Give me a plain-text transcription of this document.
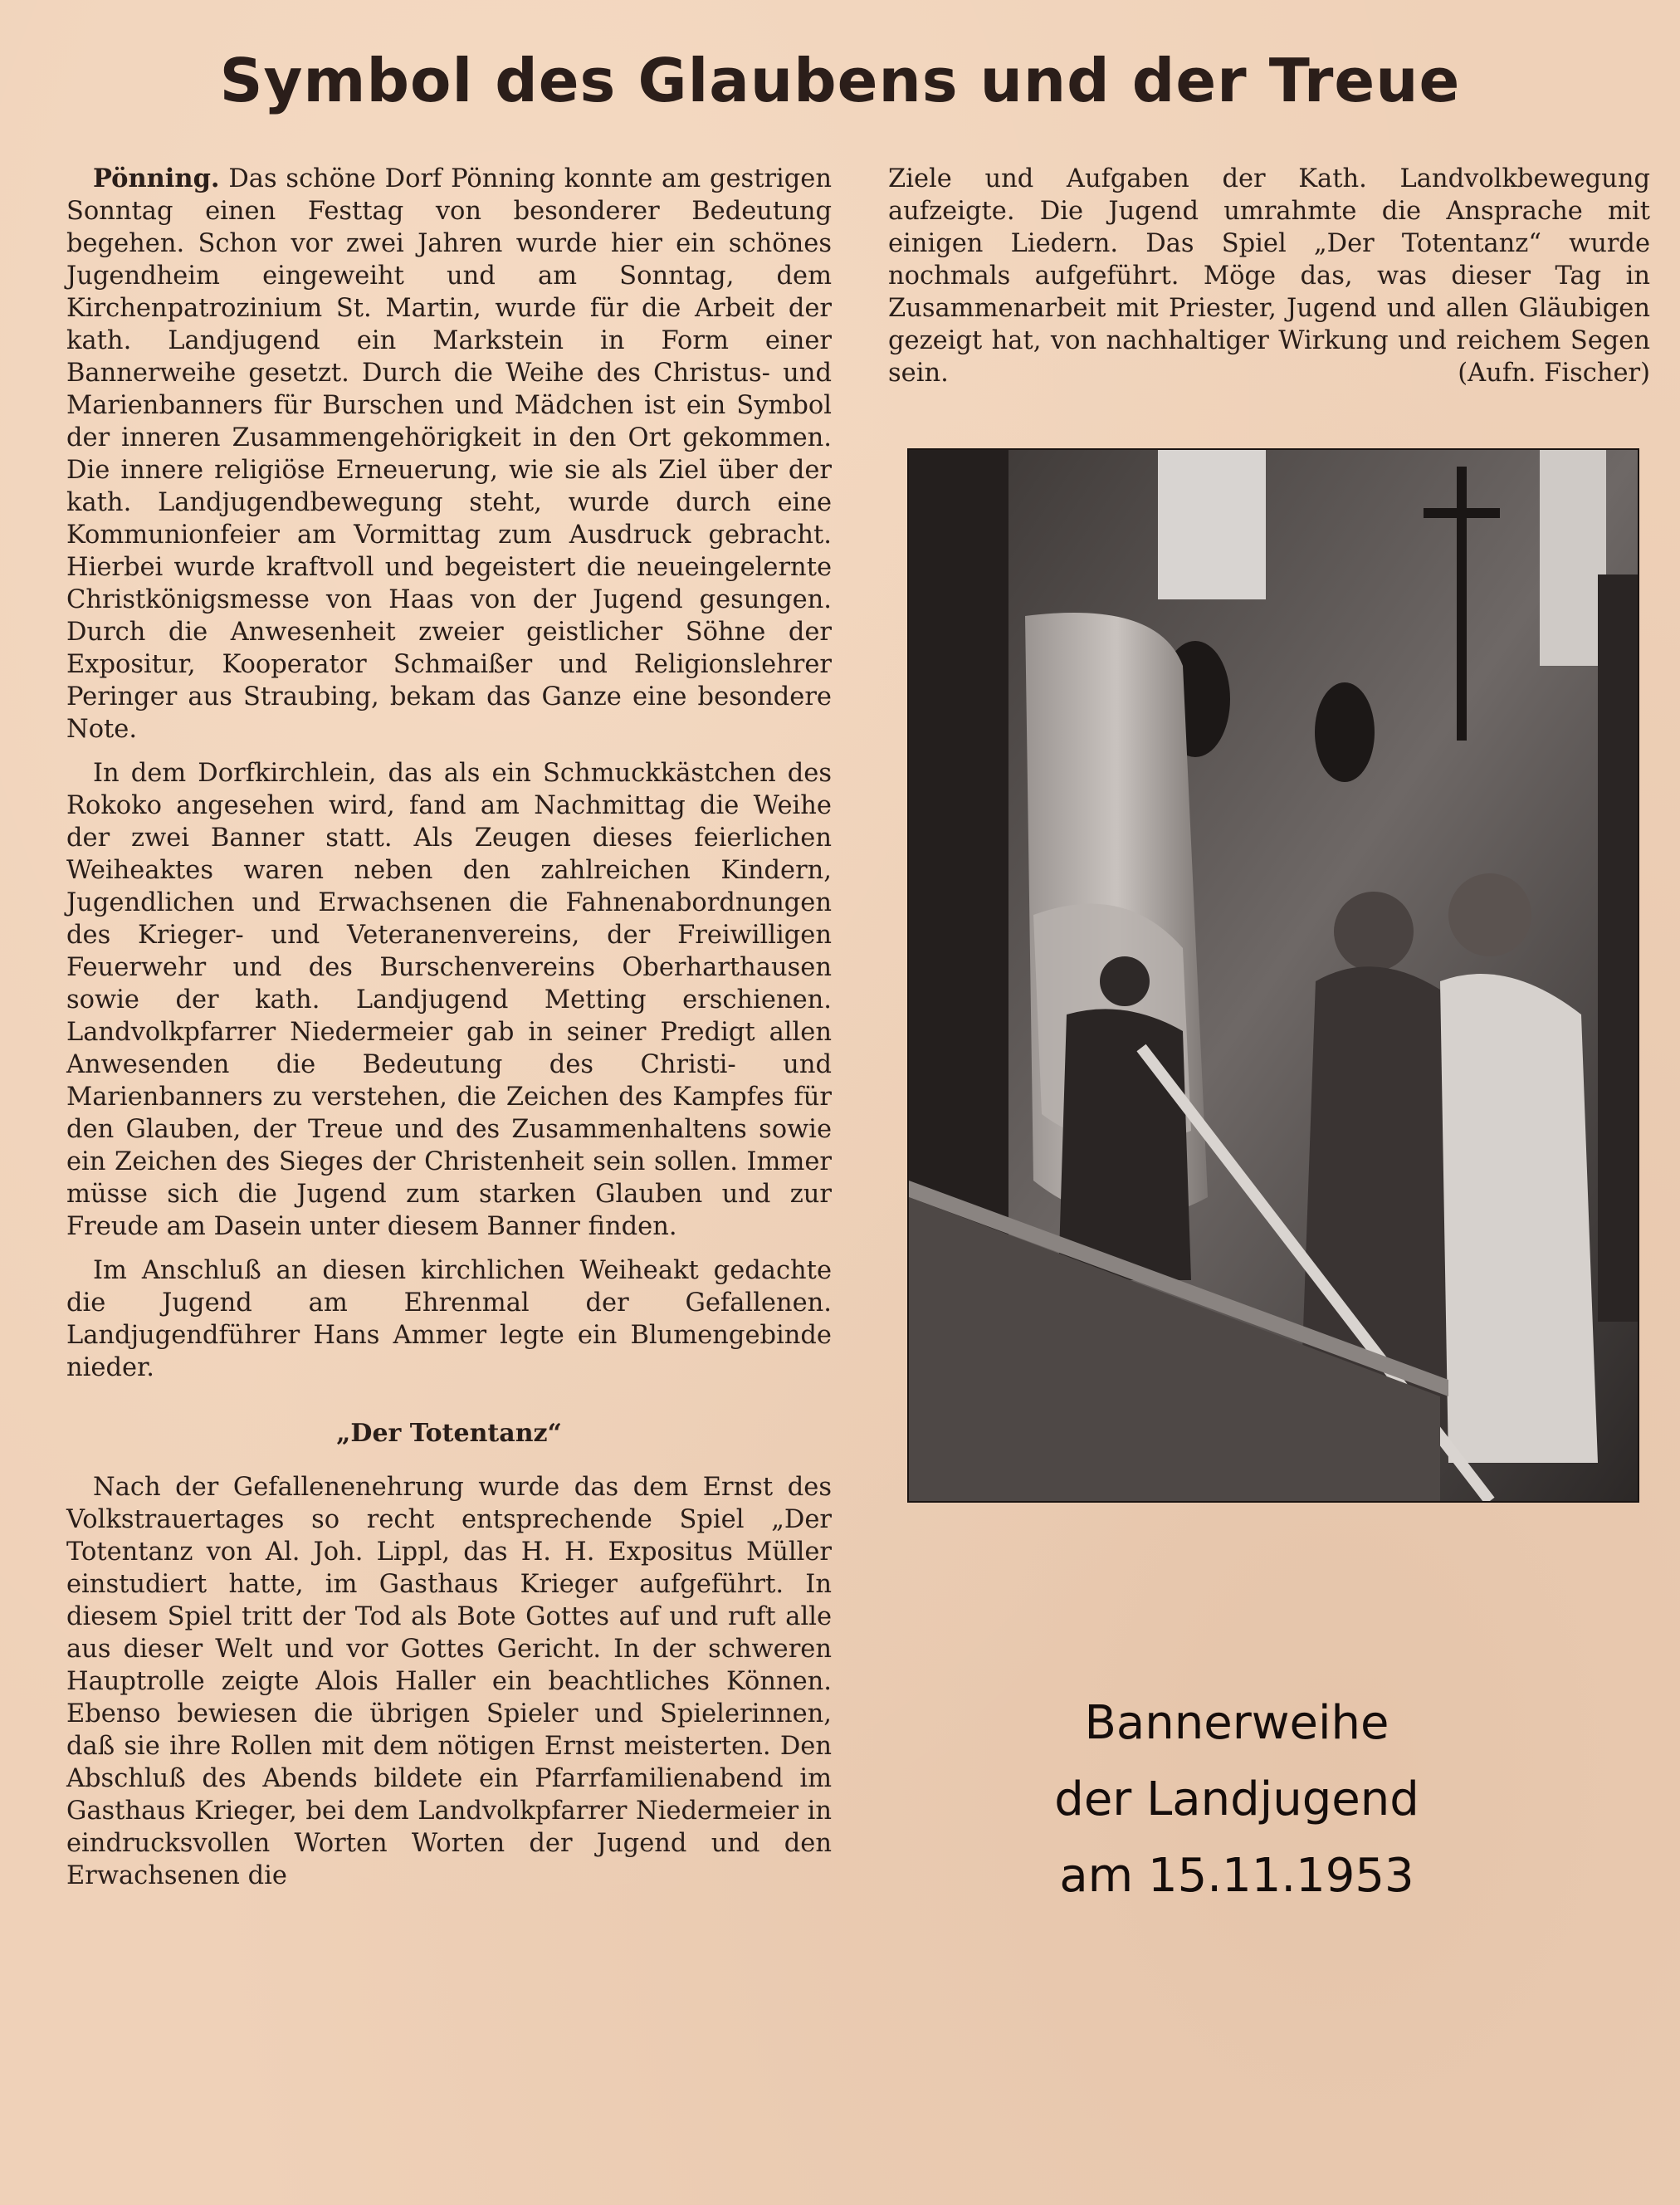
Symbol des Glaubens und der Treue

Pönning. Das schöne Dorf Pönning konnte am gestrigen Sonntag einen Festtag von besonderer Bedeutung begehen. Schon vor zwei Jahren wurde hier ein schönes Jugendheim eingeweiht und am Sonntag, dem Kirchenpatrozinium St. Martin, wurde für die Arbeit der kath. Landjugend ein Markstein in Form einer Bannerweihe gesetzt. Durch die Weihe des Christus- und Marienbanners für Burschen und Mädchen ist ein Symbol der inneren Zusammengehörigkeit in den Ort gekommen. Die innere religiöse Erneuerung, wie sie als Ziel über der kath. Landjugendbewegung steht, wurde durch eine Kommunionfeier am Vormittag zum Ausdruck gebracht. Hierbei wurde kraftvoll und begeistert die neueingelernte Christkönigsmesse von Haas von der Jugend gesungen. Durch die Anwesenheit zweier geistlicher Söhne der Expositur, Kooperator Schmaißer und Religionslehrer Peringer aus Straubing, bekam das Ganze eine besondere Note.

In dem Dorfkirchlein, das als ein Schmuckkästchen des Rokoko angesehen wird, fand am Nachmittag die Weihe der zwei Banner statt. Als Zeugen dieses feierlichen Weiheaktes waren neben den zahlreichen Kindern, Jugendlichen und Erwachsenen die Fahnenabordnungen des Krieger- und Veteranenvereins, der Freiwilligen Feuerwehr und des Burschenvereins Oberharthausen sowie der kath. Landjugend Metting erschienen. Landvolkpfarrer Niedermeier gab in seiner Predigt allen Anwesenden die Bedeutung des Christi- und Marienbanners zu verstehen, die Zeichen des Kampfes für den Glauben, der Treue und des Zusammenhaltens sowie ein Zeichen des Sieges der Christenheit sein sollen. Immer müsse sich die Jugend zum starken Glauben und zur Freude am Dasein unter diesem Banner finden.

Im Anschluß an diesen kirchlichen Weiheakt gedachte die Jugend am Ehrenmal der Gefallenen. Landjugendführer Hans Ammer legte ein Blumengebinde nieder.

„Der Totentanz“

Nach der Gefallenenehrung wurde das dem Ernst des Volkstrauertages so recht entsprechende Spiel „Der Totentanz von Al. Joh. Lippl, das H. H. Expositus Müller einstudiert hatte, im Gasthaus Krieger aufgeführt. In diesem Spiel tritt der Tod als Bote Gottes auf und ruft alle aus dieser Welt und vor Gottes Gericht. In der schweren Hauptrolle zeigte Alois Haller ein beachtliches Können. Ebenso bewiesen die übrigen Spieler und Spielerinnen, daß sie ihre Rollen mit dem nötigen Ernst meisterten. Den Abschluß des Abends bildete ein Pfarrfamilienabend im Gasthaus Krieger, bei dem Landvolkpfarrer Niedermeier in eindrucksvollen Worten Worten der Jugend und den Erwachsenen die

Ziele und Aufgaben der Kath. Landvolkbewegung aufzeigte. Die Jugend umrahmte die Ansprache mit einigen Liedern. Das Spiel „Der Totentanz“ wurde nochmals aufgeführt. Möge das, was dieser Tag in Zusammenarbeit mit Priester, Jugend und allen Gläubigen gezeigt hat, von nachhaltiger Wirkung und reichem Segen sein.	(Aufn. Fischer)

Bannerweihe
der Landjugend
am 15.11.1953
